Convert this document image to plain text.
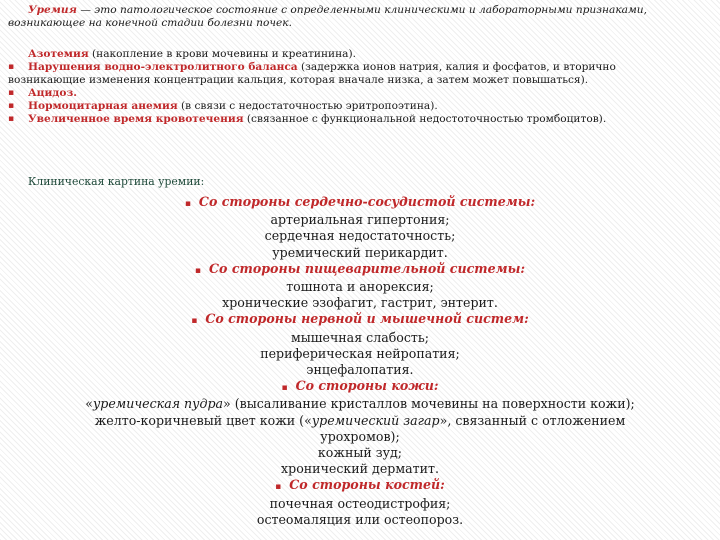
Уремия — это патологическое состояние с определенными клиническими и лабораторными признаками,
возникающее на конечной стадии болезни почек.
Азотемия (накопление в крови мочевины и креатинина).
▪ Нарушения водно-электролитного баланса (задержка ионов натрия, калия и фосфатов, и вторично
возникающие изменения концентрации кальция, которая вначале низка, а затем может повышаться).
▪ Ацидоз.
▪ Нормоцитарная анемия (в связи с недостаточностью эритропоэтина).
▪ Увеличенное время кровотечения (связанное с функциональной недостоточностью тромбоцитов).
Клиническая картина уремии:
▪ Со стороны сердечно-сосудистой системы:
артериальная гипертония;
сердечная недостаточность;
уремический перикардит.
▪ Со стороны пищеварительной системы:
тошнота и анорексия;
хронические эзофагит, гастрит, энтерит.
▪ Со стороны нервной и мышечной систем:
мышечная слабость;
периферическая нейропатия;
энцефалопатия.
▪ Со стороны кожи:
«уремическая пудра» (высаливание кристаллов мочевины на поверхности кожи);
желто-коричневый цвет кожи («уремический загар», связанный с отложением
урохромов);
кожный зуд;
хронический дерматит.
▪ Со стороны костей:
почечная остеодистрофия;
остеомаляция или остеопороз.
